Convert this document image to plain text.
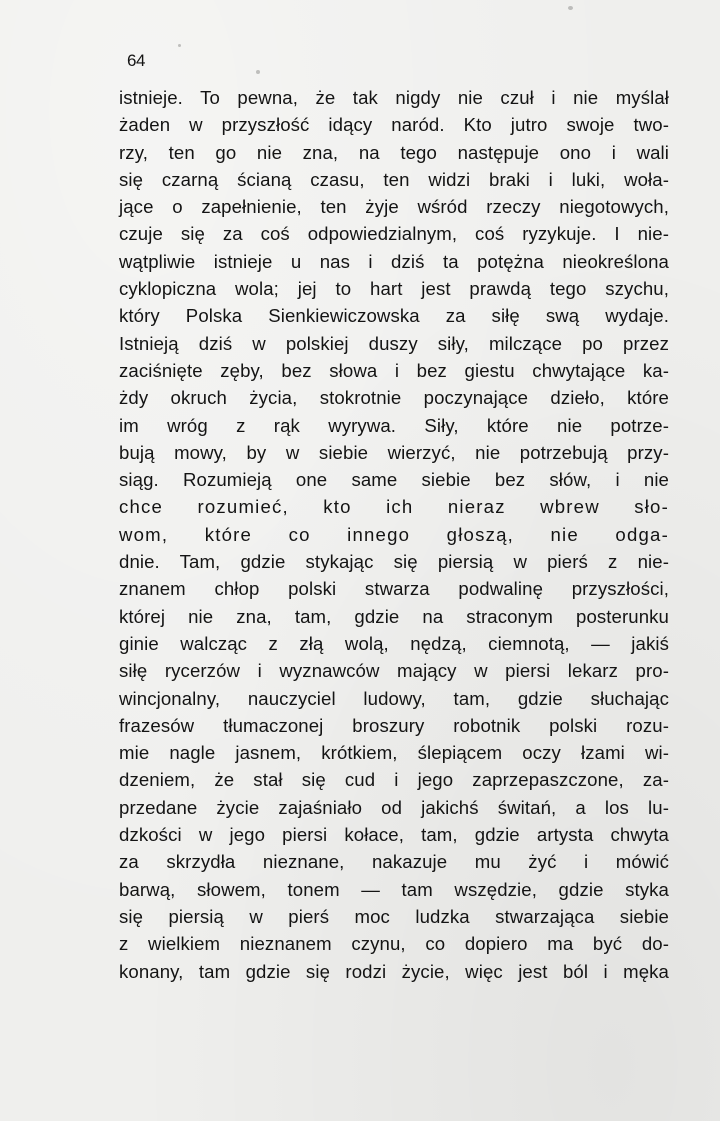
64
istnieje. To pewna, że tak nigdy nie czuł i nie myślał
żaden w przyszłość idący naród. Kto jutro swoje two-
rzy, ten go nie zna, na tego następuje ono i wali
się czarną ścianą czasu, ten widzi braki i luki, woła-
jące o zapełnienie, ten żyje wśród rzeczy niegotowych,
czuje się za coś odpowiedzialnym, coś ryzykuje. I nie-
wątpliwie istnieje u nas i dziś ta potężna nieokreślona
cyklopiczna wola; jej to hart jest prawdą tego szychu,
który Polska Sienkiewiczowska za siłę swą wydaje.
Istnieją dziś w polskiej duszy siły, milczące po przez
zaciśnięte zęby, bez słowa i bez giestu chwytające ka-
żdy okruch życia, stokrotnie poczynające dzieło, które
im wróg z rąk wyrywa. Siły, które nie potrze-
bują mowy, by w siebie wierzyć, nie potrzebują przy-
siąg. Rozumieją one same siebie bez słów, i nie
chce rozumieć, kto ich nieraz wbrew sło-
wom, które co innego głoszą, nie odga-
dnie. Tam, gdzie stykając się piersią w pierś z nie-
znanem chłop polski stwarza podwalinę przyszłości,
której nie zna, tam, gdzie na straconym posterunku
ginie walcząc z złą wolą, nędzą, ciemnotą, — jakiś
siłę rycerzów i wyznawców mający w piersi lekarz pro-
wincjonalny, nauczyciel ludowy, tam, gdzie słuchając
frazesów tłumaczonej broszury robotnik polski rozu-
mie nagle jasnem, krótkiem, ślepiącem oczy łzami wi-
dzeniem, że stał się cud i jego zaprzepaszczone, za-
przedane życie zajaśniało od jakichś świtań, a los lu-
dzkości w jego piersi kołace, tam, gdzie artysta chwyta
za skrzydła nieznane, nakazuje mu żyć i mówić
barwą, słowem, tonem — tam wszędzie, gdzie styka
się piersią w pierś moc ludzka stwarzająca siebie
z wielkiem nieznanem czynu, co dopiero ma być do-
konany, tam gdzie się rodzi życie, więc jest ból i męka
